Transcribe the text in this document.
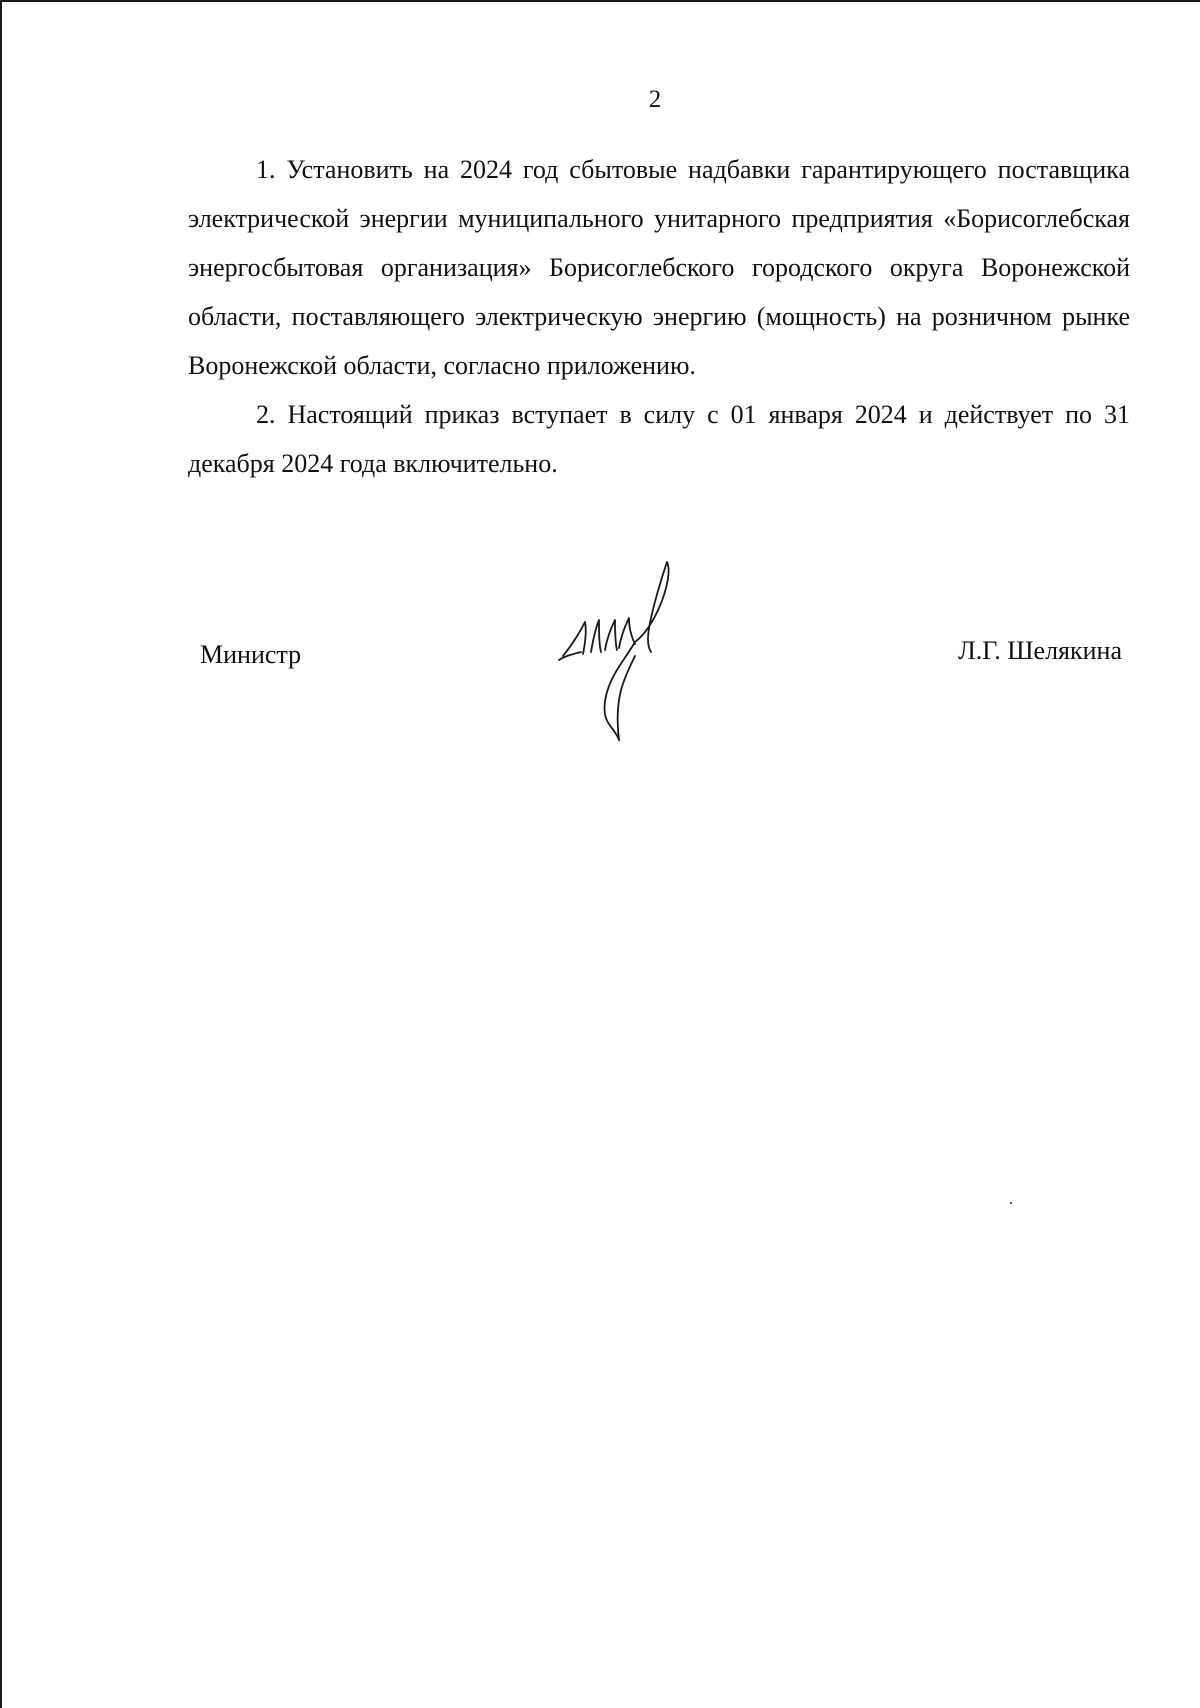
2

1. Установить на 2024 год сбытовые надбавки гарантирующего поставщика электрической энергии муниципального унитарного предприятия «Борисоглебская энергосбытовая организация» Борисоглебского городского округа Воронежской области, поставляющего электрическую энергию (мощность) на розничном рынке Воронежской области, согласно приложению.

2. Настоящий приказ вступает в силу с 01 января 2024 и действует по 31 декабря 2024 года включительно.

Министр	Л.Г. Шелякина
